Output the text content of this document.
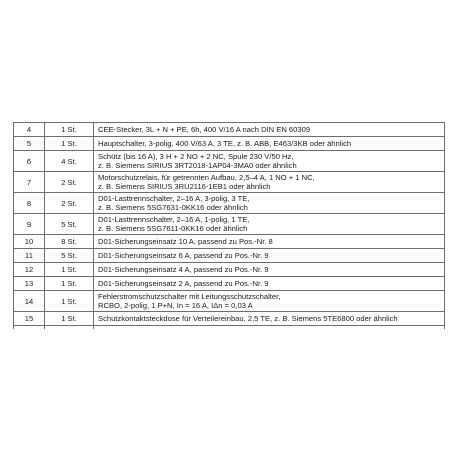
4	1 St.	CEE-Stecker, 3L + N + PE, 6h, 400 V/16 A nach DIN EN 60309

5	1 St.	Hauptschalter, 3-polig, 400 V/63 A, 3 TE, z. B. ABB, E463/3KB oder ähnlich

6	4 St.	Schütz (bis 16 A), 3 H + 2 NO + 2 NC, Spule 230 V/50 Hz,
z. B. Siemens SIRIUS 3RT2018-1AP04-3MA0 oder ähnlich

7	2 St.	Motorschutzrelais, für getrennten Aufbau, 2,5–4 A, 1 NO + 1 NC,
z. B. Siemens SIRIUS 3RU2116-1EB1 oder ähnlich

8	2 St.	D01-Lasttrennschalter, 2–16 A, 3-polig, 3 TE,
z. B. Siemens 5SG7631-0KK16 oder ähnlich

9	5 St.	D01-Lasttrennschalter, 2–16 A, 1-polig, 1 TE,
z. B. Siemens 5SG7611-0KK16 oder ähnlich

10	8 St.	D01-Sicherungseinsatz 10 A, passend zu Pos.-Nr. 8

11	5 St.	D01-Sicherungseinsatz 6 A, passend zu Pos.-Nr. 9

12	1 St.	D01-Sicherungseinsatz 4 A, passend zu Pos.-Nr. 9

13	1 St.	D01-Sicherungseinsatz 2 A, passend zu Pos.-Nr. 9

14	1 St.	Fehlerstromschutzschalter mit Leitungsschutzschalter,
RCBO, 2-polig, 1 P+N, In = 16 A, IΔn = 0,03 A

15	1 St.	Schutzkontaktsteckdose für Verteilereinbau, 2,5 TE, z. B. Siemens 5TE6800 oder ähnlich
